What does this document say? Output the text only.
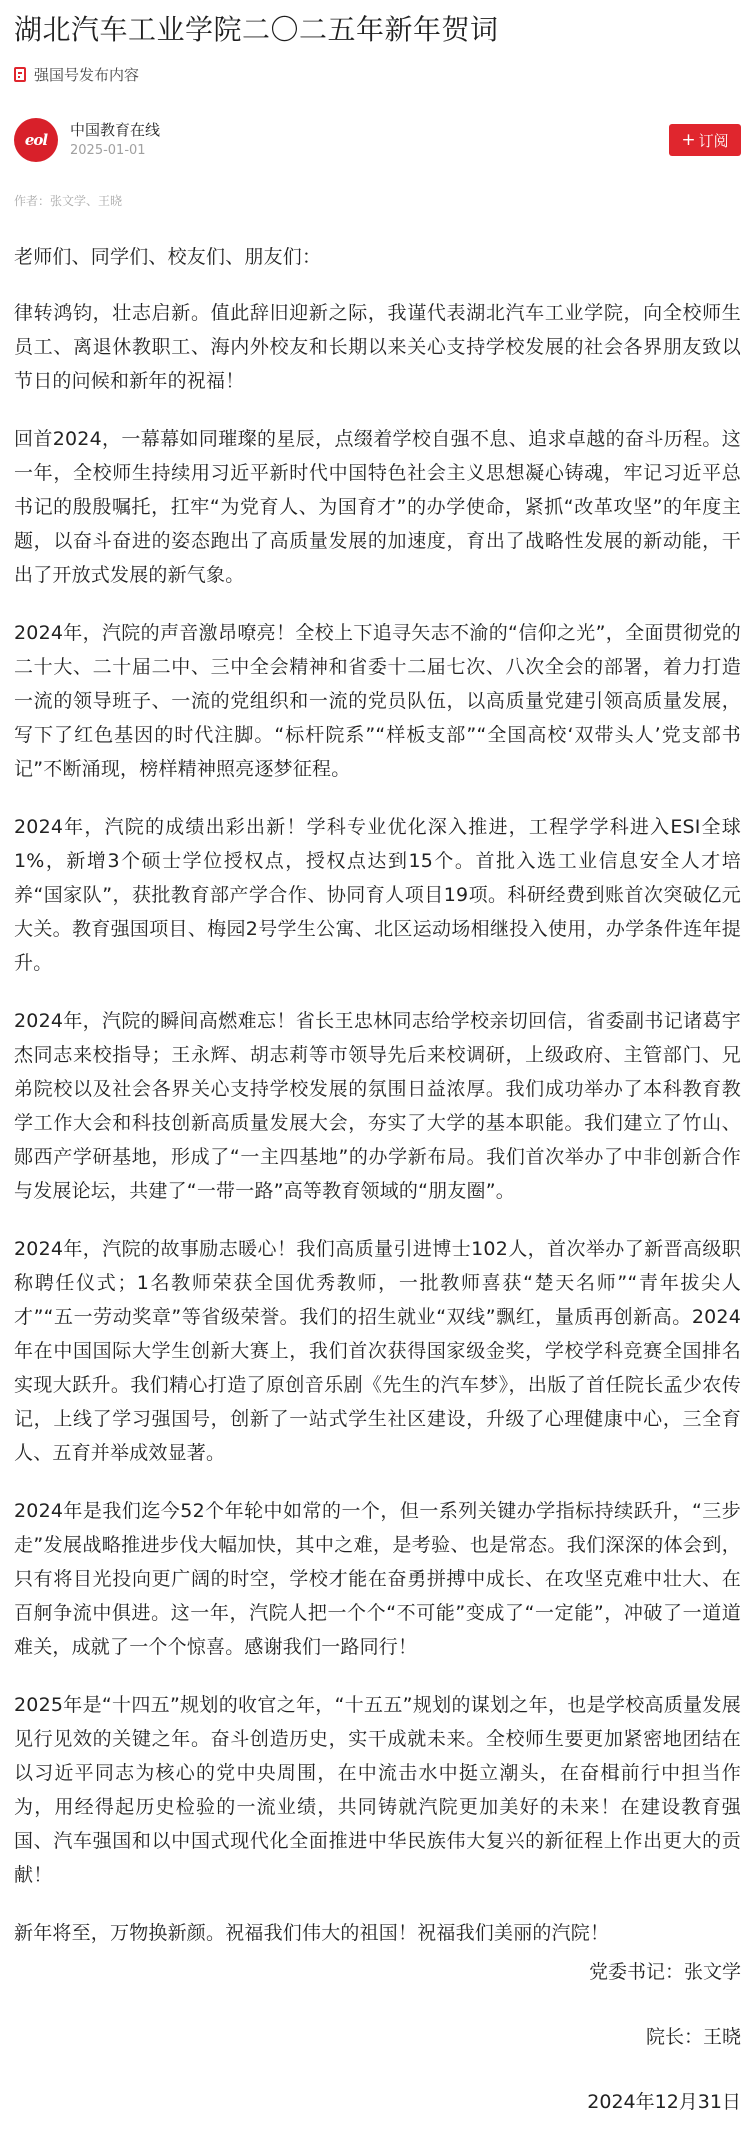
湖北汽车工业学院二〇二五年新年贺词
强国号发布内容
eol
中国教育在线
2025-01-01
+ 订阅
作者：张文学、王晓

老师们、同学们、校友们、朋友们：

律转鸿钧，壮志启新。值此辞旧迎新之际，我谨代表湖北汽车工业学院，向全校师生员工、离退休教职工、海内外校友和长期以来关心支持学校发展的社会各界朋友致以节日的问候和新年的祝福！

回首2024，一幕幕如同璀璨的星辰，点缀着学校自强不息、追求卓越的奋斗历程。这一年，全校师生持续用习近平新时代中国特色社会主义思想凝心铸魂，牢记习近平总书记的殷殷嘱托，扛牢“为党育人、为国育才”的办学使命，紧抓“改革攻坚”的年度主题，以奋斗奋进的姿态跑出了高质量发展的加速度，育出了战略性发展的新动能，干出了开放式发展的新气象。

2024年，汽院的声音激昂嘹亮！全校上下追寻矢志不渝的“信仰之光”，全面贯彻党的二十大、二十届二中、三中全会精神和省委十二届七次、八次全会的部署，着力打造一流的领导班子、一流的党组织和一流的党员队伍，以高质量党建引领高质量发展，写下了红色基因的时代注脚。“标杆院系”“样板支部”“全国高校‘双带头人’党支部书记”不断涌现，榜样精神照亮逐梦征程。

2024年，汽院的成绩出彩出新！学科专业优化深入推进，工程学学科进入ESI全球1%，新增3个硕士学位授权点，授权点达到15个。首批入选工业信息安全人才培养“国家队”，获批教育部产学合作、协同育人项目19项。科研经费到账首次突破亿元大关。教育强国项目、梅园2号学生公寓、北区运动场相继投入使用，办学条件连年提升。

2024年，汽院的瞬间高燃难忘！省长王忠林同志给学校亲切回信，省委副书记诸葛宇杰同志来校指导；王永辉、胡志莉等市领导先后来校调研，上级政府、主管部门、兄弟院校以及社会各界关心支持学校发展的氛围日益浓厚。我们成功举办了本科教育教学工作大会和科技创新高质量发展大会，夯实了大学的基本职能。我们建立了竹山、郧西产学研基地，形成了“一主四基地”的办学新布局。我们首次举办了中非创新合作与发展论坛，共建了“一带一路”高等教育领域的“朋友圈”。

2024年，汽院的故事励志暖心！我们高质量引进博士102人，首次举办了新晋高级职称聘任仪式；1名教师荣获全国优秀教师，一批教师喜获“楚天名师”“青年拔尖人才”“五一劳动奖章”等省级荣誉。我们的招生就业“双线”飘红，量质再创新高。2024年在中国国际大学生创新大赛上，我们首次获得国家级金奖，学校学科竞赛全国排名实现大跃升。我们精心打造了原创音乐剧《先生的汽车梦》，出版了首任院长孟少农传记，上线了学习强国号，创新了一站式学生社区建设，升级了心理健康中心，三全育人、五育并举成效显著。

2024年是我们迄今52个年轮中如常的一个，但一系列关键办学指标持续跃升，“三步走”发展战略推进步伐大幅加快，其中之难，是考验、也是常态。我们深深的体会到，只有将目光投向更广阔的时空，学校才能在奋勇拼搏中成长、在攻坚克难中壮大、在百舸争流中俱进。这一年，汽院人把一个个“不可能”变成了“一定能”，冲破了一道道难关，成就了一个个惊喜。感谢我们一路同行！

2025年是“十四五”规划的收官之年，“十五五”规划的谋划之年，也是学校高质量发展见行见效的关键之年。奋斗创造历史，实干成就未来。全校师生要更加紧密地团结在以习近平同志为核心的党中央周围，在中流击水中挺立潮头，在奋楫前行中担当作为，用经得起历史检验的一流业绩，共同铸就汽院更加美好的未来！在建设教育强国、汽车强国和以中国式现代化全面推进中华民族伟大复兴的新征程上作出更大的贡献！

新年将至，万物换新颜。祝福我们伟大的祖国！祝福我们美丽的汽院！

党委书记：张文学
院长：王晓
2024年12月31日
